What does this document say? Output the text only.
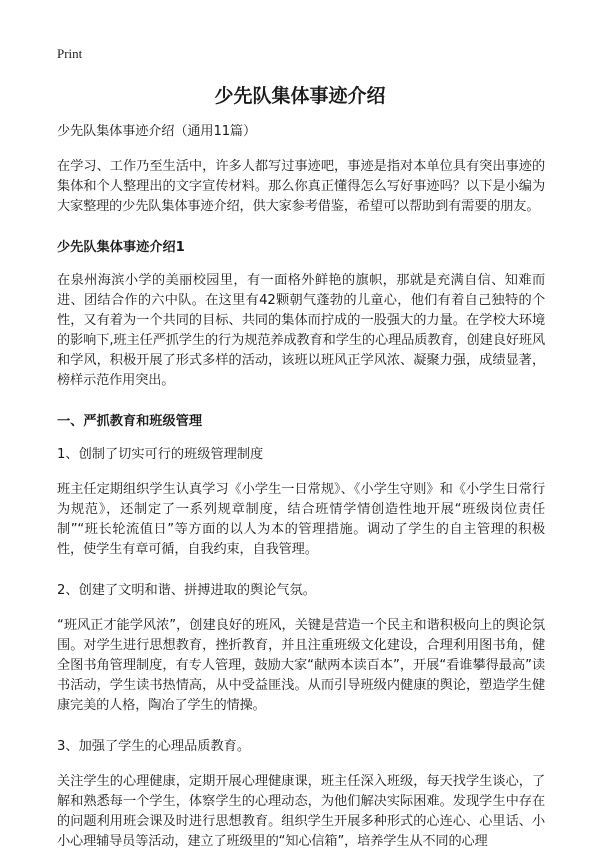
Print
少先队集体事迹介绍

少先队集体事迹介绍（通用11篇）

在学习、工作乃至生活中，许多人都写过事迹吧，事迹是指对本单位具有突出事迹的集体和个人整理出的文字宣传材料。那么你真正懂得怎么写好事迹吗？以下是小编为大家整理的少先队集体事迹介绍，供大家参考借鉴，希望可以帮助到有需要的朋友。

少先队集体事迹介绍1

在泉州海滨小学的美丽校园里，有一面格外鲜艳的旗帜，那就是充满自信、知难而进、团结合作的六中队。在这里有42颗朝气蓬勃的儿童心，他们有着自己独特的个性，又有着为一个共同的目标、共同的集体而拧成的一股强大的力量。在学校大环境的影响下,班主任严抓学生的行为规范养成教育和学生的心理品质教育，创建良好班风和学风，积极开展了形式多样的活动，该班以班风正学风浓、凝聚力强，成绩显著，榜样示范作用突出。

一、严抓教育和班级管理

1、创制了切实可行的班级管理制度

班主任定期组织学生认真学习《小学生一日常规》、《小学生守则》和《小学生日常行为规范》，还制定了一系列规章制度，结合班情学情创造性地开展“班级岗位责任制”“班长轮流值日”等方面的以人为本的管理措施。调动了学生的自主管理的积极性，使学生有章可循，自我约束，自我管理。

2、创建了文明和谐、拼搏进取的舆论气氛。

“班风正才能学风浓”，创建良好的班风，关键是营造一个民主和谐积极向上的舆论氛围。对学生进行思想教育，挫折教育，并且注重班级文化建设，合理利用图书角，健全图书角管理制度，有专人管理，鼓励大家“献两本读百本”，开展“看谁攀得最高”读书活动，学生读书热情高，从中受益匪浅。从而引导班级内健康的舆论，塑造学生健康完美的人格，陶冶了学生的情操。

3、加强了学生的心理品质教育。

关注学生的心理健康，定期开展心理健康课，班主任深入班级，每天找学生谈心，了解和熟悉每一个学生，体察学生的心理动态，为他们解决实际困难。发现学生中存在的问题利用班会课及时进行思想教育。组织学生开展多种形式的心连心、心里话、小小心理辅导员等活动，建立了班级里的“知心信箱”，培养学生从不同的心理
